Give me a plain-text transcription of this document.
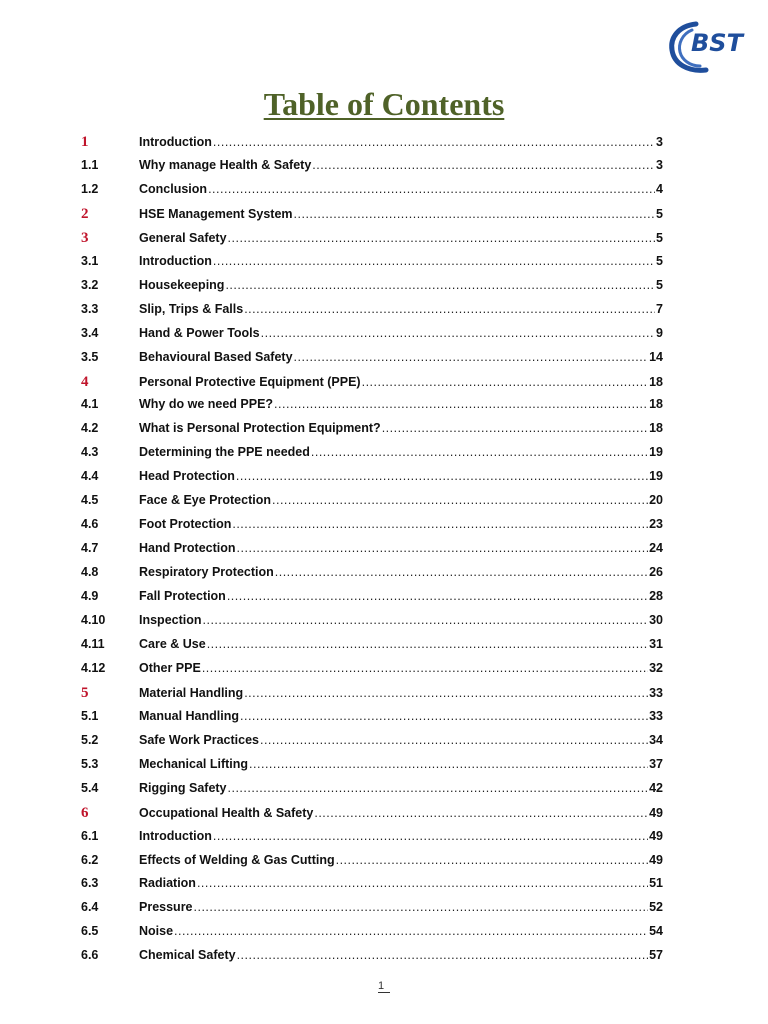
BST
Table of Contents
1	Introduction .....	3
1.1	Why manage Health & Safety .....	3
1.2	Conclusion .....	4
2	HSE Management System .....	5
3	General Safety .....	5
3.1	Introduction .....	5
3.2	Housekeeping .....	5
3.3	Slip, Trips & Falls .....	7
3.4	Hand & Power Tools .....	9
3.5	Behavioural Based Safety .....	14
4	Personal Protective Equipment (PPE) .....	18
4.1	Why do we need PPE? .....	18
4.2	What is Personal Protection Equipment? .....	18
4.3	Determining the PPE needed .....	19
4.4	Head Protection .....	19
4.5	Face & Eye Protection .....	20
4.6	Foot Protection .....	23
4.7	Hand Protection .....	24
4.8	Respiratory Protection .....	26
4.9	Fall Protection .....	28
4.10	Inspection .....	30
4.11	Care & Use .....	31
4.12	Other PPE .....	32
5	Material Handling .....	33
5.1	Manual Handling .....	33
5.2	Safe Work Practices .....	34
5.3	Mechanical Lifting .....	37
5.4	Rigging Safety .....	42
6	Occupational Health & Safety .....	49
6.1	Introduction .....	49
6.2	Effects of Welding & Gas Cutting .....	49
6.3	Radiation .....	51
6.4	Pressure .....	52
6.5	Noise .....	54
6.6	Chemical Safety .....	57
1
